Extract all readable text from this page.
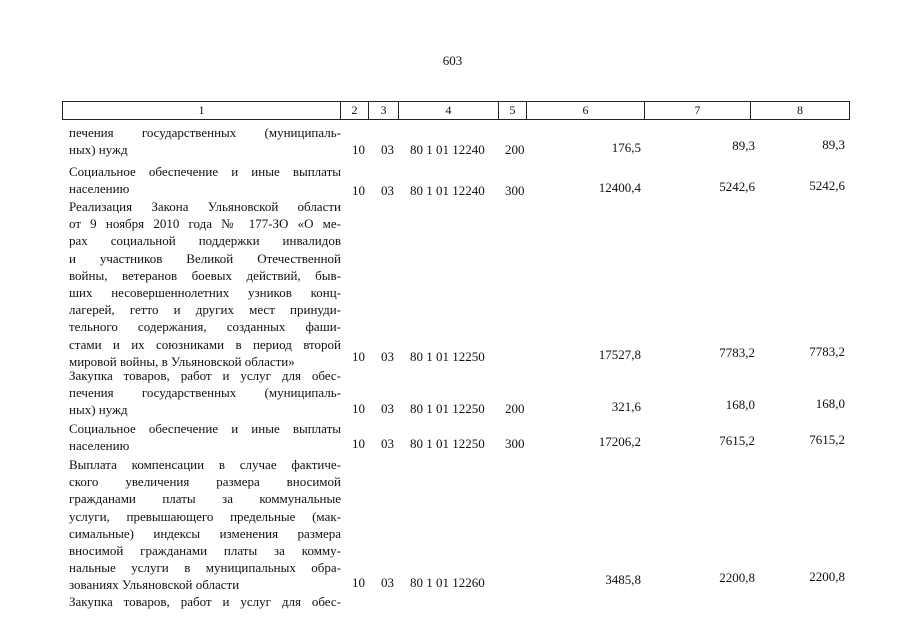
603
1	2	3	4	5	6	7	8
печения государственных (муниципаль-
ных) нужд	10 03 80 1 01 12240 200	176,5	89,3	89,3
Социальное обеспечение и иные выплаты
населению	10 03 80 1 01 12240 300	12400,4	5242,6	5242,6
Реализация Закона Ульяновской области
от 9 ноября 2010 года № 177-ЗО «О ме-
рах социальной поддержки инвалидов
и участников Великой Отечественной
войны, ветеранов боевых действий, быв-
ших несовершеннолетних узников конц-
лагерей, гетто и других мест принуди-
тельного содержания, созданных фаши-
стами и их союзниками в период второй
мировой войны, в Ульяновской области»	10 03 80 1 01 12250	17527,8	7783,2	7783,2
Закупка товаров, работ и услуг для обес-
печения государственных (муниципаль-
ных) нужд	10 03 80 1 01 12250 200	321,6	168,0	168,0
Социальное обеспечение и иные выплаты
населению	10 03 80 1 01 12250 300	17206,2	7615,2	7615,2
Выплата компенсации в случае фактиче-
ского увеличения размера вносимой
гражданами платы за коммунальные
услуги, превышающего предельные (мак-
симальные) индексы изменения размера
вносимой гражданами платы за комму-
нальные услуги в муниципальных обра-
зованиях Ульяновской области	10 03 80 1 01 12260	3485,8	2200,8	2200,8
Закупка товаров, работ и услуг для обес-
